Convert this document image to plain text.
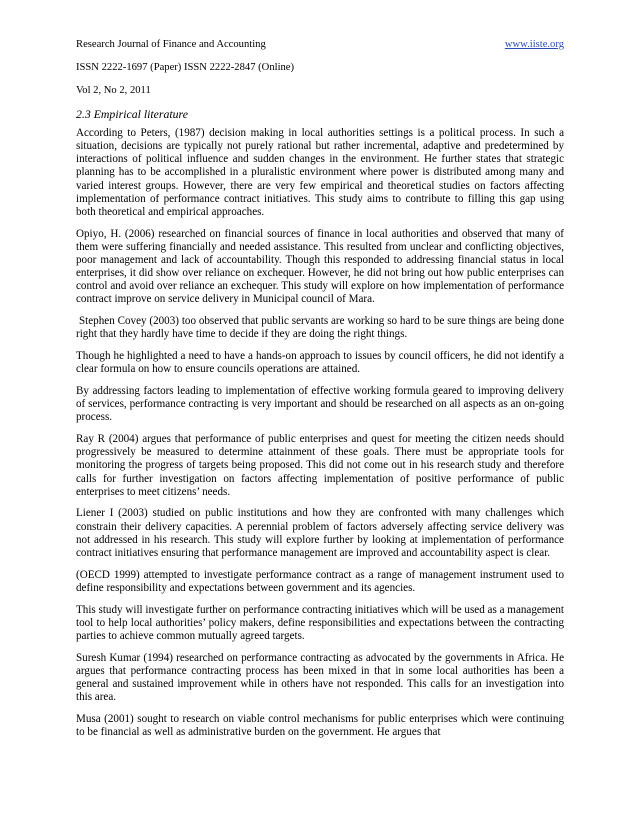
Research Journal of Finance and Accounting	www.iiste.org
ISSN 2222-1697 (Paper) ISSN 2222-2847 (Online)
Vol 2, No 2, 2011
2.3 Empirical literature

According to Peters, (1987) decision making in local authorities settings is a political process. In such a situation, decisions are typically not purely rational but rather incremental, adaptive and predetermined by interactions of political influence and sudden changes in the environment. He further states that strategic planning has to be accomplished in a pluralistic environment where power is distributed among many and varied interest groups. However, there are very few empirical and theoretical studies on factors affecting implementation of performance contract initiatives. This study aims to contribute to filling this gap using both theoretical and empirical approaches.

Opiyo, H. (2006) researched on financial sources of finance in local authorities and observed that many of them were suffering financially and needed assistance. This resulted from unclear and conflicting objectives, poor management and lack of accountability. Though this responded to addressing financial status in local enterprises, it did show over reliance on exchequer. However, he did not bring out how public enterprises can control and avoid over reliance an exchequer. This study will explore on how implementation of performance contract improve on service delivery in Municipal council of Mara.

Stephen Covey (2003) too observed that public servants are working so hard to be sure things are being done right that they hardly have time to decide if they are doing the right things.

Though he highlighted a need to have a hands-on approach to issues by council officers, he did not identify a clear formula on how to ensure councils operations are attained.

By addressing factors leading to implementation of effective working formula geared to improving delivery of services, performance contracting is very important and should be researched on all aspects as an on-going process.

Ray R (2004) argues that performance of public enterprises and quest for meeting the citizen needs should progressively be measured to determine attainment of these goals. There must be appropriate tools for monitoring the progress of targets being proposed. This did not come out in his research study and therefore calls for further investigation on factors affecting implementation of positive performance of public enterprises to meet citizens’ needs.

Liener I (2003) studied on public institutions and how they are confronted with many challenges which constrain their delivery capacities. A perennial problem of factors adversely affecting service delivery was not addressed in his research. This study will explore further by looking at implementation of performance contract initiatives ensuring that performance management are improved and accountability aspect is clear.

(OECD 1999) attempted to investigate performance contract as a range of management instrument used to define responsibility and expectations between government and its agencies.

This study will investigate further on performance contracting initiatives which will be used as a management tool to help local authorities’ policy makers, define responsibilities and expectations between the contracting parties to achieve common mutually agreed targets.

Suresh Kumar (1994) researched on performance contracting as advocated by the governments in Africa. He argues that performance contracting process has been mixed in that in some local authorities has been a general and sustained improvement while in others have not responded. This calls for an investigation into this area.

Musa (2001) sought to research on viable control mechanisms for public enterprises which were continuing to be financial as well as administrative burden on the government. He argues that
